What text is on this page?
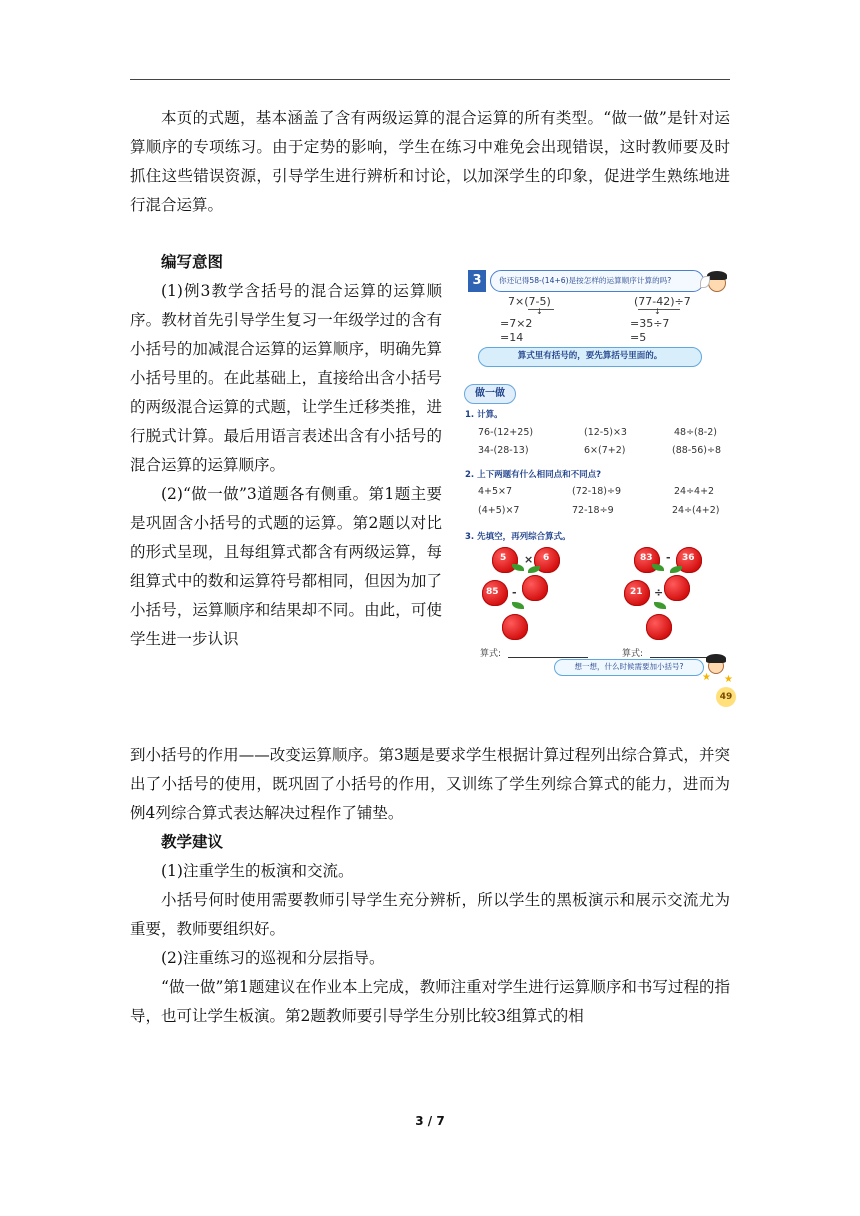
本页的式题，基本涵盖了含有两级运算的混合运算的所有类型。“做一做”是针对运算顺序的专项练习。由于定势的影响，学生在练习中难免会出现错误，这时教师要及时抓住这些错误资源，引导学生进行辨析和讨论，以加深学生的印象，促进学生熟练地进行混合运算。

编写意图

(1)例3教学含括号的混合运算的运算顺序。教材首先引导学生复习一年级学过的含有小括号的加减混合运算的运算顺序，明确先算小括号里的。在此基础上，直接给出含小括号的两级混合运算的式题，让学生迁移类推，进行脱式计算。最后用语言表述出含有小括号的混合运算的运算顺序。

(2)“做一做”3道题各有侧重。第1题主要是巩固含小括号的式题的运算。第2题以对比的形式呈现，且每组算式都含有两级运算，每组算式中的数和运算符号都相同，但因为加了小括号，运算顺序和结果却不同。由此，可使学生进一步认识

到小括号的作用——改变运算顺序。第3题是要求学生根据计算过程列出综合算式，并突出了小括号的使用，既巩固了小括号的作用，又训练了学生列综合算式的能力，进而为例4列综合算式表达解决过程作了铺垫。

教学建议

(1)注重学生的板演和交流。

小括号何时使用需要教师引导学生充分辨析，所以学生的黑板演示和展示交流尤为重要，教师要组织好。

(2)注重练习的巡视和分层指导。

“做一做”第1题建议在作业本上完成，教师注重对学生进行运算顺序和书写过程的指导，也可让学生板演。第2题教师要引导学生分别比较3组算式的相

3 / 7
3	你还记得58-(14+6)是按怎样的运算顺序计算的吗?
7×(7-5)
=7×2
=14
↓
(77-42)÷7
=35÷7
=5
↓
算式里有括号的，要先算括号里面的。
做一做
1. 计算。
76-(12+25)	(12-5)×3	48÷(8-2)
34-(28-13)	6×(7+2)	(88-56)÷8
2. 上下两题有什么相同点和不同点?
4+5×7	(72-18)÷9	24÷4+2
(4+5)×7	72-18÷9	24÷(4+2)
3. 先填空，再列综合算式。
5 × 6
85 -
83 - 36
21 ÷
算式:	算式:
想一想，什么时候需要加小括号?
★ ★
49
